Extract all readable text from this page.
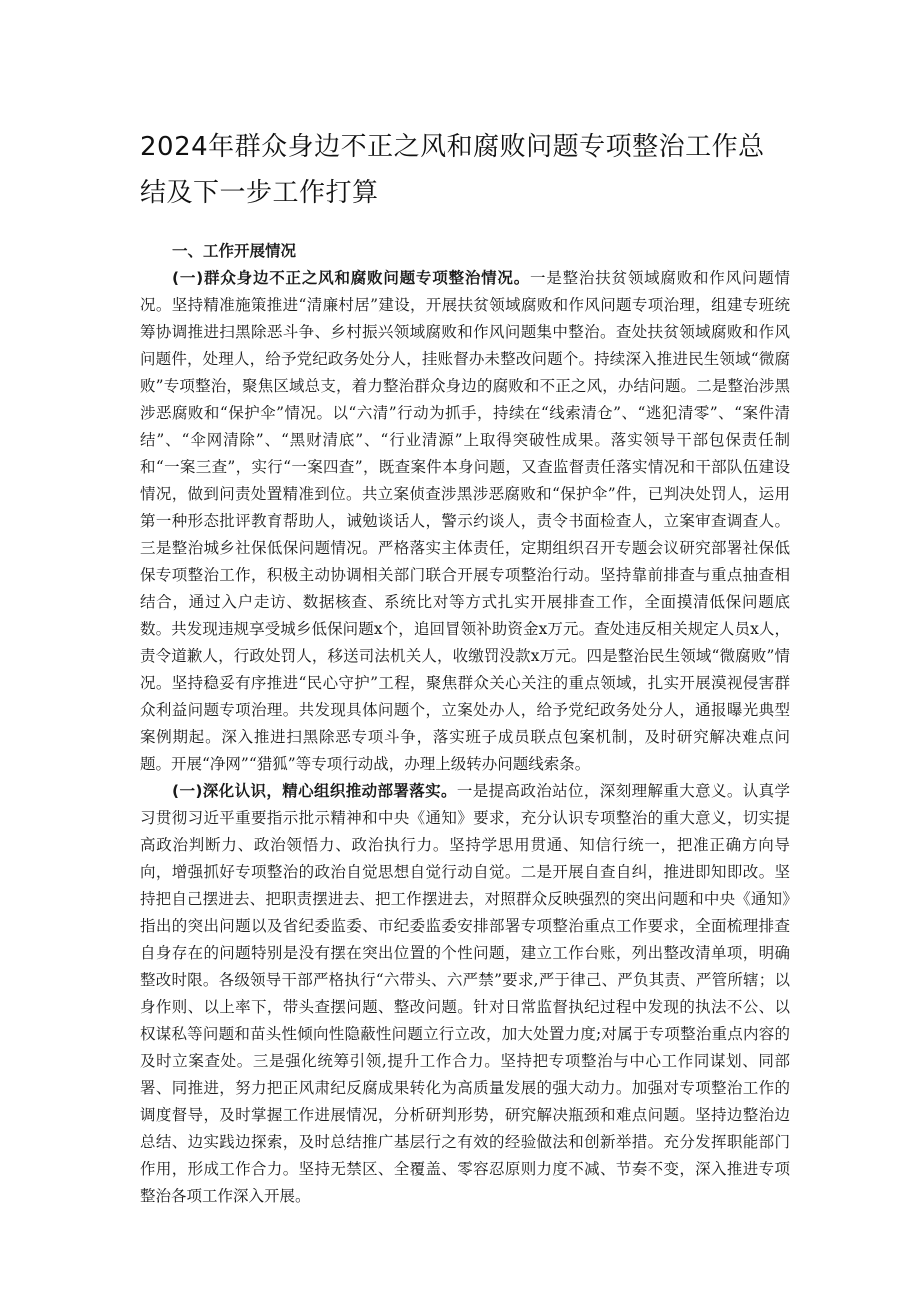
2024年群众身边不正之风和腐败问题专项整治工作总结及下一步工作打算
一、工作开展情况

(一)群众身边不正之风和腐败问题专项整治情况。一是整治扶贫领域腐败和作风问题情况。坚持精准施策推进“清廉村居”建设，开展扶贫领域腐败和作风问题专项治理，组建专班统筹协调推进扫黑除恶斗争、乡村振兴领域腐败和作风问题集中整治。查处扶贫领域腐败和作风问题件，处理人，给予党纪政务处分人，挂账督办未整改问题个。持续深入推进民生领域“微腐败”专项整治，聚焦区域总支，着力整治群众身边的腐败和不正之风，办结问题。二是整治涉黑涉恶腐败和“保护伞”情况。以“六清”行动为抓手，持续在“线索清仓”、“逃犯清零”、“案件清结”、“伞网清除”、“黑财清底”、“行业清源”上取得突破性成果。落实领导干部包保责任制和“一案三查”，实行“一案四查”，既查案件本身问题，又查监督责任落实情况和干部队伍建设情况，做到问责处置精准到位。共立案侦查涉黑涉恶腐败和“保护伞”件，已判决处罚人，运用第一种形态批评教育帮助人，诫勉谈话人，警示约谈人，责令书面检查人，立案审查调查人。三是整治城乡社保低保问题情况。严格落实主体责任，定期组织召开专题会议研究部署社保低保专项整治工作，积极主动协调相关部门联合开展专项整治行动。坚持靠前排查与重点抽查相结合，通过入户走访、数据核查、系统比对等方式扎实开展排查工作，全面摸清低保问题底数。共发现违规享受城乡低保问题x个，追回冒领补助资金x万元。查处违反相关规定人员x人，责令道歉人，行政处罚人，移送司法机关人，收缴罚没款x万元。四是整治民生领域“微腐败”情况。坚持稳妥有序推进“民心守护”工程，聚焦群众关心关注的重点领域，扎实开展漠视侵害群众利益问题专项治理。共发现具体问题个，立案处办人，给予党纪政务处分人，通报曝光典型案例期起。深入推进扫黑除恶专项斗争，落实班子成员联点包案机制，及时研究解决难点问题。开展“净网”“猎狐”等专项行动战，办理上级转办问题线索条。

(一)深化认识，精心组织推动部署落实。一是提高政治站位，深刻理解重大意义。认真学习贯彻习近平重要指示批示精神和中央《通知》要求，充分认识专项整治的重大意义，切实提高政治判断力、政治领悟力、政治执行力。坚持学思用贯通、知信行统一，把准正确方向导向，增强抓好专项整治的政治自觉思想自觉行动自觉。二是开展自查自纠，推进即知即改。坚持把自己摆进去、把职责摆进去、把工作摆进去，对照群众反映强烈的突出问题和中央《通知》指出的突出问题以及省纪委监委、市纪委监委安排部署专项整治重点工作要求，全面梳理排查自身存在的问题特别是没有摆在突出位置的个性问题，建立工作台账，列出整改清单项，明确整改时限。各级领导干部严格执行“六带头、六严禁”要求,严于律己、严负其责、严管所辖；以身作则、以上率下，带头查摆问题、整改问题。针对日常监督执纪过程中发现的执法不公、以权谋私等问题和苗头性倾向性隐蔽性问题立行立改，加大处置力度;对属于专项整治重点内容的及时立案查处。三是强化统筹引领,提升工作合力。坚持把专项整治与中心工作同谋划、同部署、同推进，努力把正风肃纪反腐成果转化为高质量发展的强大动力。加强对专项整治工作的调度督导，及时掌握工作进展情况，分析研判形势，研究解决瓶颈和难点问题。坚持边整治边总结、边实践边探索，及时总结推广基层行之有效的经验做法和创新举措。充分发挥职能部门作用，形成工作合力。坚持无禁区、全覆盖、零容忍原则力度不减、节奏不变，深入推进专项整治各项工作深入开展。
